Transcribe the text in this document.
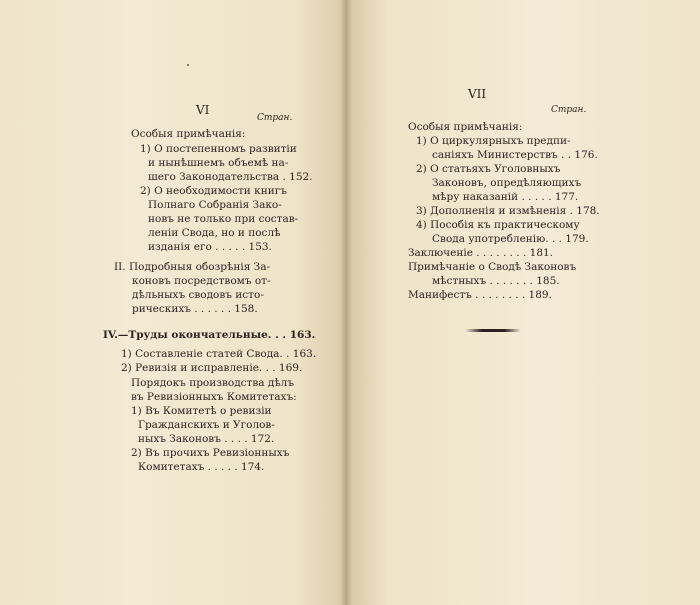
VI
Стран.
Особыя примѣчанія:
1) О постепенномъ развитіи
и нынѣшнемъ объемѣ на-
шего Законодательства . 152.
2) О необходимости книгъ
Полнаго Собранія Зако-
новъ не только при состав-
леніи Свода, но и послѣ
изданія его . . . . . 153.
II. Подробныя обозрѣнія За-
коновъ посредствомъ от-
дѣльныхъ сводовъ исто-
рическихъ . . . . . . 158.
IV.—Труды окончательные. . . 163.
1) Составленіе статей Свода. . 163.
2) Ревизія и исправленіе. . . 169.
Порядокъ производства дѣлъ
въ Ревизіонныхъ Комитетахъ:
1) Въ Комитетѣ о ревизіи
Гражданскихъ и Уголов-
ныхъ Законовъ . . . . 172.
2) Въ прочихъ Ревизіонныхъ
Комитетахъ . . . . . 174.
VII
Стран.
Особыя примѣчанія:
1) О циркулярныхъ предпи-
саніяхъ Министерствъ . . 176.
2) О статьяхъ Уголовныхъ
Законовъ, опредѣляющихъ
мѣру наказаній . . . . . 177.
3) Дополненія и измѣненія . 178.
4) Пособія къ практическому
Свода употребленію. . . 179.
Заключеніе . . . . . . . . 181.
Примѣчаніе о Сводѣ Законовъ
мѣстныхъ . . . . . . . 185.
Манифестъ . . . . . . . . 189.
